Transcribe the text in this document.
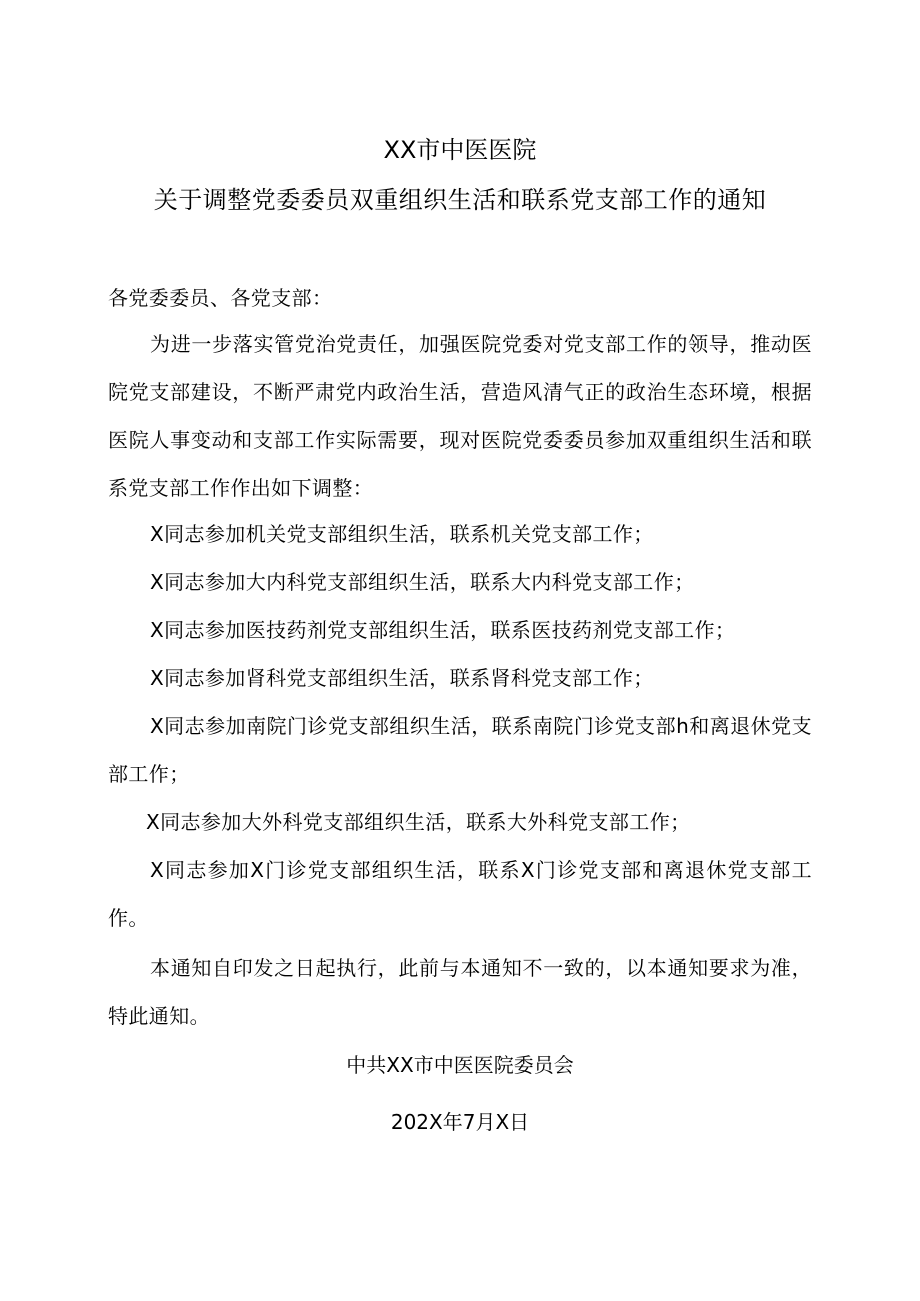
XX市中医医院
关于调整党委委员双重组织生活和联系党支部工作的通知
各党委委员、各党支部：
为进一步落实管党治党责任，加强医院党委对党支部工作的领导，推动医院党支部建设，不断严肃党内政治生活，营造风清气正的政治生态环境，根据医院人事变动和支部工作实际需要，现对医院党委委员参加双重组织生活和联系党支部工作作出如下调整：
X同志参加机关党支部组织生活，联系机关党支部工作；
X同志参加大内科党支部组织生活，联系大内科党支部工作；
X同志参加医技药剂党支部组织生活，联系医技药剂党支部工作；
X同志参加肾科党支部组织生活，联系肾科党支部工作；
X同志参加南院门诊党支部组织生活，联系南院门诊党支部h和离退休党支部工作；
X同志参加大外科党支部组织生活，联系大外科党支部工作；
X同志参加X门诊党支部组织生活，联系X门诊党支部和离退休党支部工作。
本通知自印发之日起执行，此前与本通知不一致的，以本通知要求为准，特此通知。
中共XX市中医医院委员会
202X年7月X日
